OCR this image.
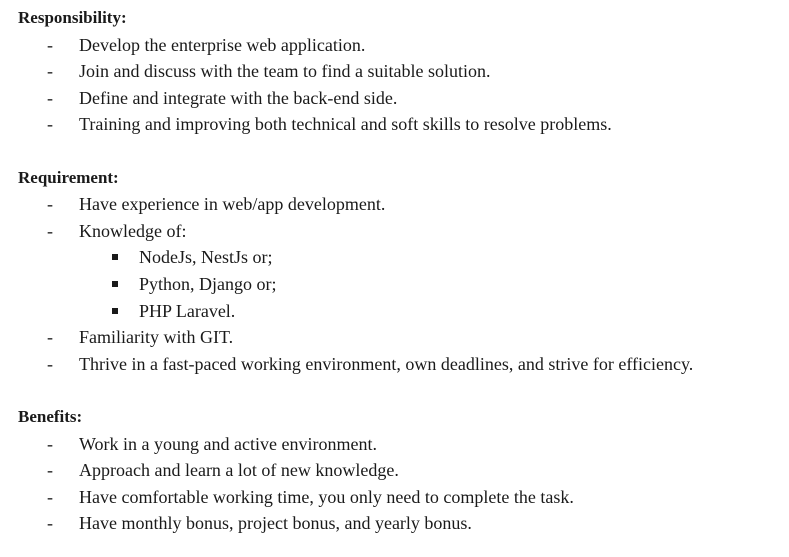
Responsibility:

- Develop the enterprise web application.
- Join and discuss with the team to find a suitable solution.
- Define and integrate with the back-end side.
- Training and improving both technical and soft skills to resolve problems.

Requirement:

- Have experience in web/app development.
- Knowledge of:
NodeJs, NestJs or;
Python, Django or;
PHP Laravel.
- Familiarity with GIT.
- Thrive in a fast-paced working environment, own deadlines, and strive for efficiency.

Benefits:

- Work in a young and active environment.
- Approach and learn a lot of new knowledge.
- Have comfortable working time, you only need to complete the task.
- Have monthly bonus, project bonus, and yearly bonus.
